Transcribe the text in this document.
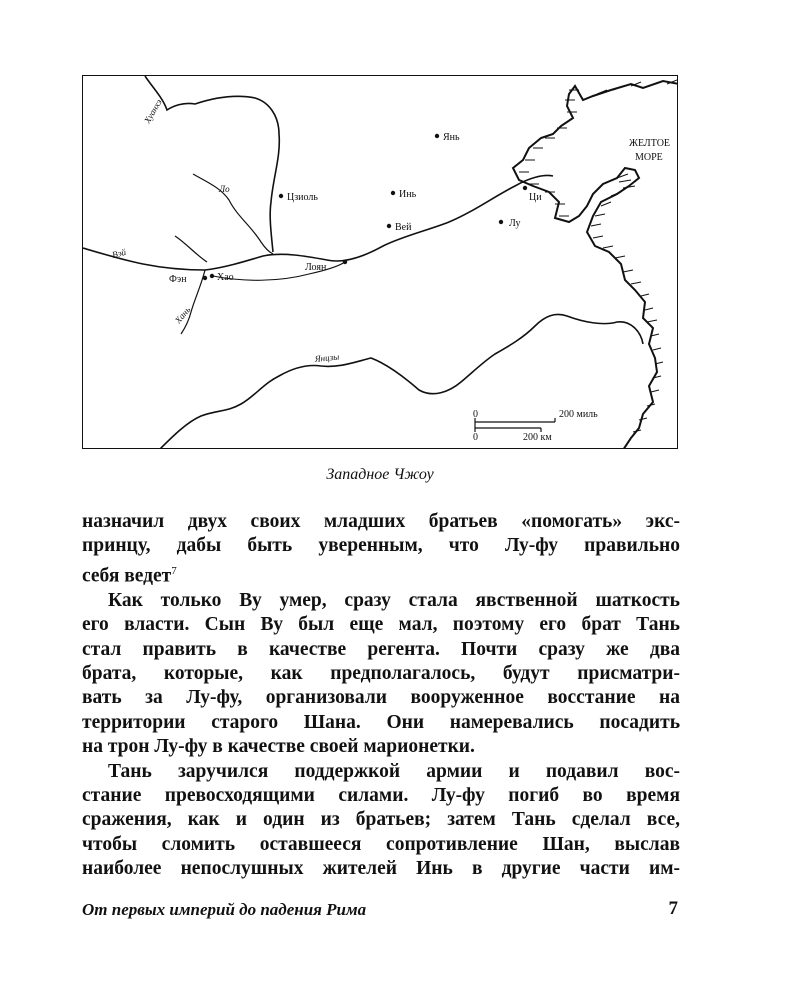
Хуанхэ
Ло
Вэй
Хань
Янцзы
Янь
Инь
Цзиоль
Вей	Лу
Ци
Лоян
Фэн	Хао
ЖЕЛТОЕ
МОРЕ
0	200 миль
0	200 км
Западное Чжоу
назначил двух своих младших братьев «помогать» экс-
принцу, дабы быть уверенным, что Лу-фу правильно
себя ведет$^7$
Как только Ву умер, сразу стала явственной шаткость
его власти. Сын Ву был еще мал, поэтому его брат Тань
стал править в качестве регента. Почти сразу же два
брата, которые, как предполагалось, будут присматри-
вать за Лу-фу, организовали вооруженное восстание на
территории старого Шана. Они намеревались посадить
на трон Лу-фу в качестве своей марионетки.
Тань заручился поддержкой армии и подавил вос-
стание превосходящими силами. Лу-фу погиб во время
сражения, как и один из братьев; затем Тань сделал все,
чтобы сломить оставшееся сопротивление Шан, выслав
наиболее непослушных жителей Инь в другие части им-
От первых империй до падения Рима	7
